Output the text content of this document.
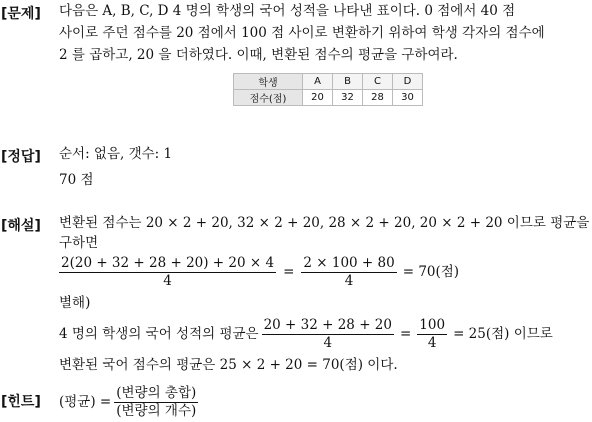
[문제] 다음은 A, B, C, D 4 명의 학생의 국어 성적을 나타낸 표이다. 0 점에서 40 점
사이로 주던 점수를 20 점에서 100 점 사이로 변환하기 위하여 학생 각자의 점수에
2 를 곱하고, 20 을 더하였다. 이때, 변환된 점수의 평균을 구하여라.
학생	A	B	C	D
점수(점)	20	32	28	30
[정답] 순서: 없음, 갯수: 1
70 점
[해설] 변환된 점수는 20 × 2 + 20, 32 × 2 + 20, 28 × 2 + 20, 20 × 2 + 20 이므로 평균을
구하면
$\frac{2(20 + 32 + 28 + 20) + 20 \times 4}{4} = \frac{2 \times 100 + 80}{4} = 70$(점)
별해)
4 명의 학생의 국어 성적의 평균은 $\frac{20 + 32 + 28 + 20}{4} = \frac{100}{4} = 25$(점) 이므로
변환된 국어 점수의 평균은 25 × 2 + 20 = 70(점) 이다.
[힌트] (평균) = $\frac{\text{(변량의 총합)}}{\text{(변량의 개수)}}$
